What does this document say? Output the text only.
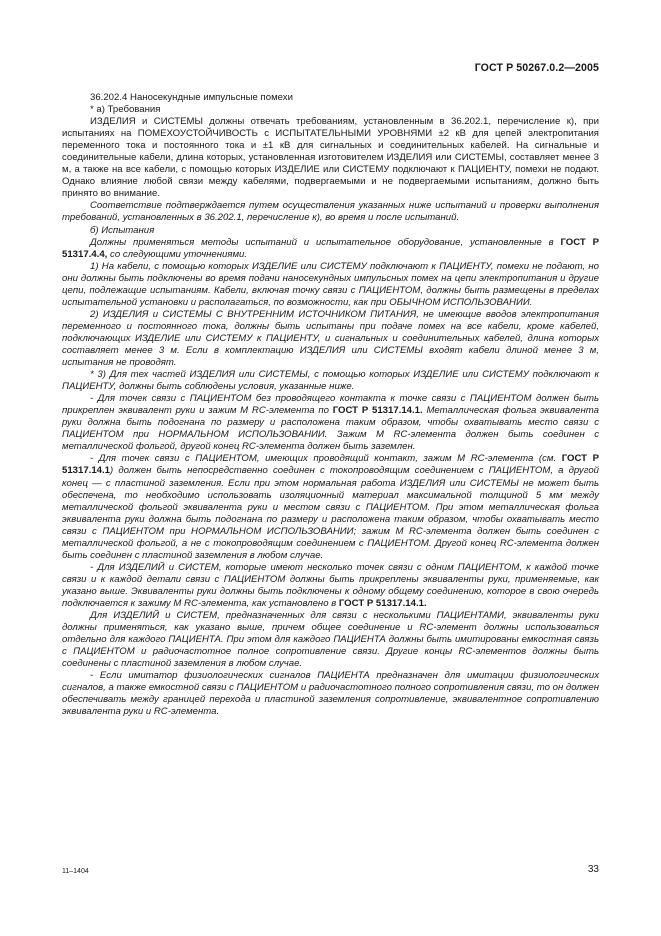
ГОСТ Р 50267.0.2—2005

36.202.4 Наносекундные импульсные помехи

* а) Требования

ИЗДЕЛИЯ и СИСТЕМЫ должны отвечать требованиям, установленным в 36.202.1, перечисление к), при испытаниях на ПОМЕХОУСТОЙЧИВОСТЬ с ИСПЫТАТЕЛЬНЫМИ УРОВНЯМИ ±2 кВ для цепей электропитания переменного тока и постоянного тока и ±1 кВ для сигнальных и соединительных кабелей. На сигнальные и соединительные кабели, длина которых, установленная изготовителем ИЗДЕЛИЯ или СИСТЕМЫ, составляет менее 3 м, а также на все кабели, с помощью которых ИЗДЕЛИЕ или СИСТЕМУ подключают к ПАЦИЕНТУ, помехи не подают. Однако влияние любой связи между кабелями, подвергаемыми и не подвергаемыми испытаниям, должно быть принято во внимание.

Соответствие подтверждается путем осуществления указанных ниже испытаний и проверки выполнения требований, установленных в 36.202.1, перечисление к), во время и после испытаний.

б) Испытания

Должны применяться методы испытаний и испытательное оборудование, установленные в ГОСТ Р 51317.4.4, со следующими уточнениями.

1) На кабели, с помощью которых ИЗДЕЛИЕ или СИСТЕМУ подключают к ПАЦИЕНТУ, помехи не подают, но они должны быть подключены во время подачи наносекундных импульсных помех на цепи электропитания и другие цепи, подлежащие испытаниям. Кабели, включая точку связи с ПАЦИЕНТОМ, должны быть размещены в пределах испытательной установки и располагаться, по возможности, как при ОБЫЧНОМ ИСПОЛЬЗОВАНИИ.

2) ИЗДЕЛИЯ и СИСТЕМЫ С ВНУТРЕННИМ ИСТОЧНИКОМ ПИТАНИЯ, не имеющие вводов электропитания переменного и постоянного тока, должны быть испытаны при подаче помех на все кабели, кроме кабелей, подключающих ИЗДЕЛИЕ или СИСТЕМУ к ПАЦИЕНТУ, и сигнальных и соединительных кабелей, длина которых составляет менее 3 м. Если в комплектацию ИЗДЕЛИЯ или СИСТЕМЫ входят кабели длиной менее 3 м, испытания не проводят.

* 3) Для тех частей ИЗДЕЛИЯ или СИСТЕМЫ, с помощью которых ИЗДЕЛИЕ или СИСТЕМУ подключают к ПАЦИЕНТУ, должны быть соблюдены условия, указанные ниже.

- Для точек связи с ПАЦИЕНТОМ без проводящего контакта к точке связи с ПАЦИЕНТОМ должен быть прикреплен эквивалент руки и зажим М RC-элемента по ГОСТ Р 51317.14.1. Металлическая фольга эквивалента руки должна быть подогнана по размеру и расположена таким образом, чтобы охватывать место связи с ПАЦИЕНТОМ при НОРМАЛЬНОМ ИСПОЛЬЗОВАНИИ. Зажим М RC-элемента должен быть соединен с металлической фольгой, другой конец RC-элемента должен быть заземлен.

- Для точек связи с ПАЦИЕНТОМ, имеющих проводящий контакт, зажим М RC-элемента (см. ГОСТ Р 51317.14.1) должен быть непосредственно соединен с токопроводящим соединением с ПАЦИЕНТОМ, а другой конец — с пластиной заземления. Если при этом нормальная работа ИЗДЕЛИЯ или СИСТЕМЫ не может быть обеспечена, то необходимо использовать изоляционный материал максимальной толщиной 5 мм между металлической фольгой эквивалента руки и местом связи с ПАЦИЕНТОМ. При этом металлическая фольга эквивалента руки должна быть подогнана по размеру и расположена таким образом, чтобы охватывать место связи с ПАЦИЕНТОМ при НОРМАЛЬНОМ ИСПОЛЬЗОВАНИИ; зажим М RC-элемента должен быть соединен с металлической фольгой, а не с токопроводящим соединением с ПАЦИЕНТОМ. Другой конец RC-элемента должен быть соединен с пластиной заземления в любом случае.

- Для ИЗДЕЛИЙ и СИСТЕМ, которые имеют несколько точек связи с одним ПАЦИЕНТОМ, к каждой точке связи и к каждой детали связи с ПАЦИЕНТОМ должны быть прикреплены эквиваленты руки, применяемые, как указано выше. Эквиваленты руки должны быть подключены к одному общему соединению, которое в свою очередь подключается к зажиму М RC-элемента, как установлено в ГОСТ Р 51317.14.1.

Для ИЗДЕЛИЙ и СИСТЕМ, предназначенных для связи с несколькими ПАЦИЕНТАМИ, эквиваленты руки должны применяться, как указано выше, причем общее соединение и RC-элемент должны использоваться отдельно для каждого ПАЦИЕНТА. При этом для каждого ПАЦИЕНТА должны быть имитированы емкостная связь с ПАЦИЕНТОМ и радиочастотное полное сопротивление связи. Другие концы RC-элементов должны быть соединены с пластиной заземления в любом случае.

- Если имитатор физиологических сигналов ПАЦИЕНТА предназначен для имитации физиологических сигналов, а также емкостной связи с ПАЦИЕНТОМ и радиочастотного полного сопротивления связи, то он должен обеспечивать между границей перехода и пластиной заземления сопротивление, эквивалентное сопротивлению эквивалента руки и RC-элемента.

11–1404	33
